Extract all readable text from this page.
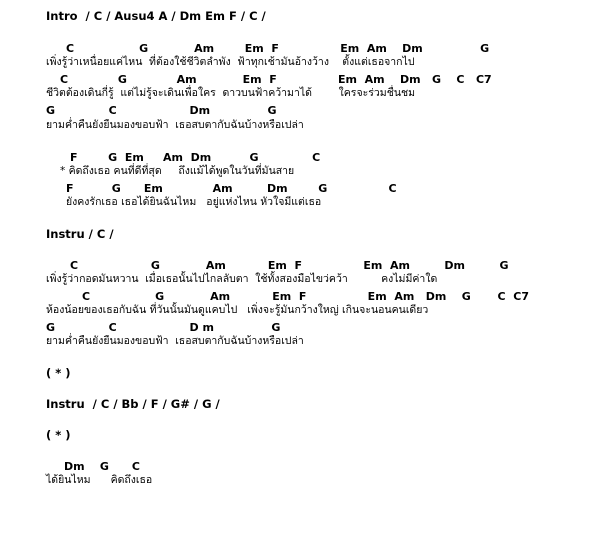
Intro  / C / Ausu4 A / Dm Em F / C /
C                 G            Am        Em  F                Em  Am    Dm               G
เพิ่งรู้ว่าเหนื่อยแค่ไหน  ที่ต้องใช้ชีวิตลำพัง  ฟ้าทุกเช้ามันอ้างว้าง    ตั้งแต่เธอจากไป
C             G             Am            Em  F                Em  Am    Dm   G    C   C7
ชีวิตต้องเดินกี่รู้  แต่ไม่รู้จะเดินเพื่อใคร  ดาวบนฟ้าคว้ามาได้        ใครจะร่วมชื่นชม
G              C                   Dm               G
ยามค่ำคืนยังยืนมองขอบฟ้า  เธอสบตากับฉันบ้างหรือเปล่า
F        G  Em     Am  Dm          G              C
* คิดถึงเธอ คนที่ดีที่สุด     ถึงแม้ได้พูดในวันที่มันสาย
F          G      Em             Am         Dm        G                C
ยังคงรักเธอ เธอได้ยินฉันไหม   อยู่แห่งไหน หัวใจมีแต่เธอ
Instru / C /
C                   G            Am           Em  F                Em  Am         Dm         G
เพิ่งรู้ว่ากอดมันหวาน  เมื่อเธอนั้นไปไกลลับตา  ใช้ทั้งสองมือไขว่คว้า          คงไม่มีค่าใด
C                 G            Am           Em  F                Em  Am   Dm    G       C  C7
ห้องน้อยของเธอกับฉัน ที่วันนั้นมันดูแคบไป   เพิ่งจะรู้มันกว้างใหญ่ เกินจะนอนคนเดียว
G              C                   D m               G
ยามค่ำคืนยังยืนมองขอบฟ้า  เธอสบตากับฉันบ้างหรือเปล่า
( * )
Instru  / C / Bb / F / G# / G /
( * )
Dm    G      C
ได้ยินไหม      คิดถึงเธอ
